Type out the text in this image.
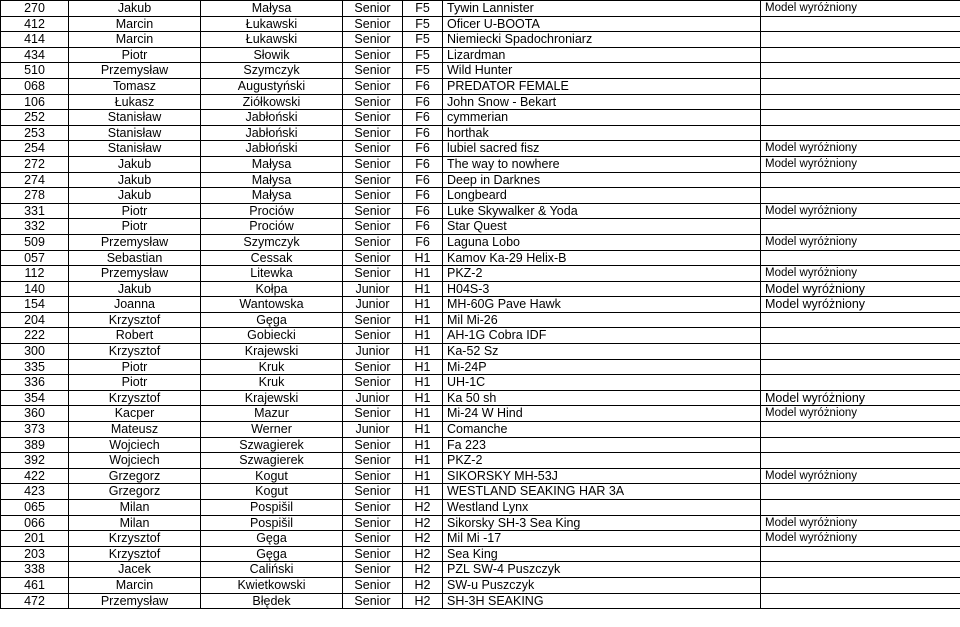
270	Jakub	Małysa	Senior	F5	Tywin Lannister	Model wyróżniony
412	Marcin	Łukawski	Senior	F5	Oficer U-BOOTA	
414	Marcin	Łukawski	Senior	F5	Niemiecki Spadochroniarz	
434	Piotr	Słowik	Senior	F5	Lizardman	
510	Przemysław	Szymczyk	Senior	F5	Wild Hunter	
068	Tomasz	Augustyński	Senior	F6	PREDATOR FEMALE	
106	Łukasz	Ziółkowski	Senior	F6	John Snow - Bekart	
252	Stanisław	Jabłoński	Senior	F6	cymmerian	
253	Stanisław	Jabłoński	Senior	F6	horthak	
254	Stanisław	Jabłoński	Senior	F6	lubiel sacred fisz	Model wyróżniony
272	Jakub	Małysa	Senior	F6	The way to nowhere	Model wyróżniony
274	Jakub	Małysa	Senior	F6	Deep in Darknes	
278	Jakub	Małysa	Senior	F6	Longbeard	
331	Piotr	Prociów	Senior	F6	Luke Skywalker & Yoda	Model wyróżniony
332	Piotr	Prociów	Senior	F6	Star Quest	
509	Przemysław	Szymczyk	Senior	F6	Laguna Lobo	Model wyróżniony
057	Sebastian	Cessak	Senior	H1	Kamov Ka-29 Helix-B	
112	Przemysław	Litewka	Senior	H1	PKZ-2	Model wyróżniony
140	Jakub	Kołpa	Junior	H1	H04S-3	Model wyróżniony
154	Joanna	Wantowska	Junior	H1	MH-60G Pave Hawk	Model wyróżniony
204	Krzysztof	Gęga	Senior	H1	Mil Mi-26	
222	Robert	Gobiecki	Senior	H1	AH-1G Cobra IDF	
300	Krzysztof	Krajewski	Junior	H1	Ka-52 Sz	
335	Piotr	Kruk	Senior	H1	Mi-24P	
336	Piotr	Kruk	Senior	H1	UH-1C	
354	Krzysztof	Krajewski	Junior	H1	Ka 50 sh	Model wyróżniony
360	Kacper	Mazur	Senior	H1	Mi-24 W Hind	Model wyróżniony
373	Mateusz	Werner	Junior	H1	Comanche	
389	Wojciech	Szwagierek	Senior	H1	Fa 223	
392	Wojciech	Szwagierek	Senior	H1	PKZ-2	
422	Grzegorz	Kogut	Senior	H1	SIKORSKY MH-53J	Model wyróżniony
423	Grzegorz	Kogut	Senior	H1	WESTLAND SEAKING HAR 3A	
065	Milan	Pospišil	Senior	H2	Westland Lynx	
066	Milan	Pospišil	Senior	H2	Sikorsky SH-3 Sea King	Model wyróżniony
201	Krzysztof	Gęga	Senior	H2	Mil Mi -17	Model wyróżniony
203	Krzysztof	Gęga	Senior	H2	Sea King	
338	Jacek	Caliński	Senior	H2	PZL SW-4 Puszczyk	
461	Marcin	Kwietkowski	Senior	H2	SW-u Puszczyk	
472	Przemysław	Błędek	Senior	H2	SH-3H SEAKING	
